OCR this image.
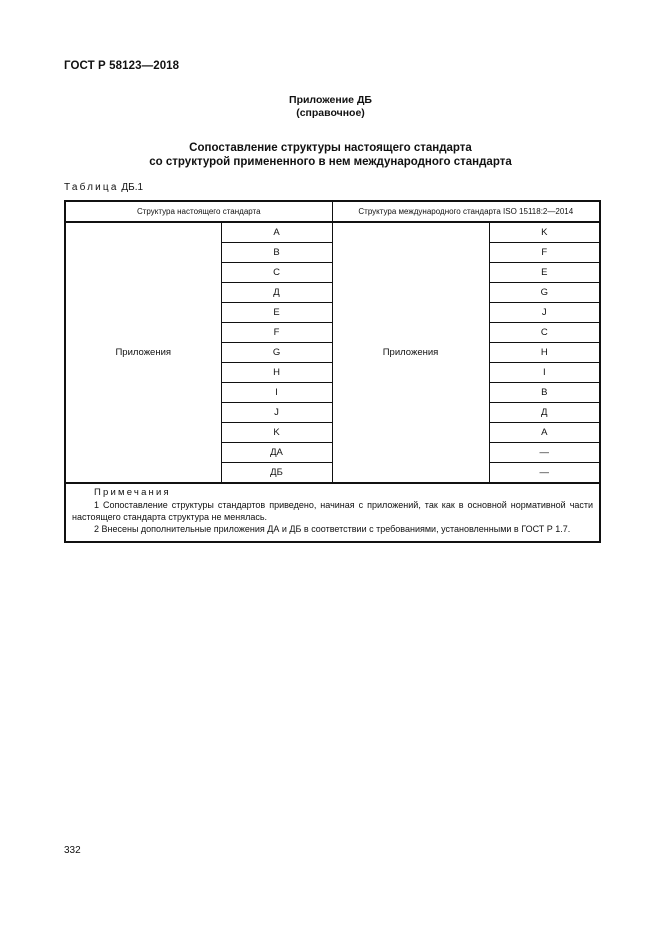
ГОСТ Р 58123—2018
Приложение ДБ
(справочное)
Сопоставление структуры настоящего стандарта
со структурой примененного в нем международного стандарта
Таблица ДБ.1
Структура настоящего стандарта		Структура международного стандарта ISO 15118:2—2014	
Приложения	А	Приложения	K
	В		F
	С		E
	Д		G
	Е		J
	F		C
	G		H
	H		I
	I		B
	J		Д
	K		A
	ДА		—
	ДБ		—

Примечания
1 Сопоставление структуры стандартов приведено, начиная с приложений, так как в основной нормативной части настоящего стандарта структура не менялась.
2 Внесены дополнительные приложения ДА и ДБ в соответствии с требованиями, установленными в ГОСТ Р 1.7.			
332
